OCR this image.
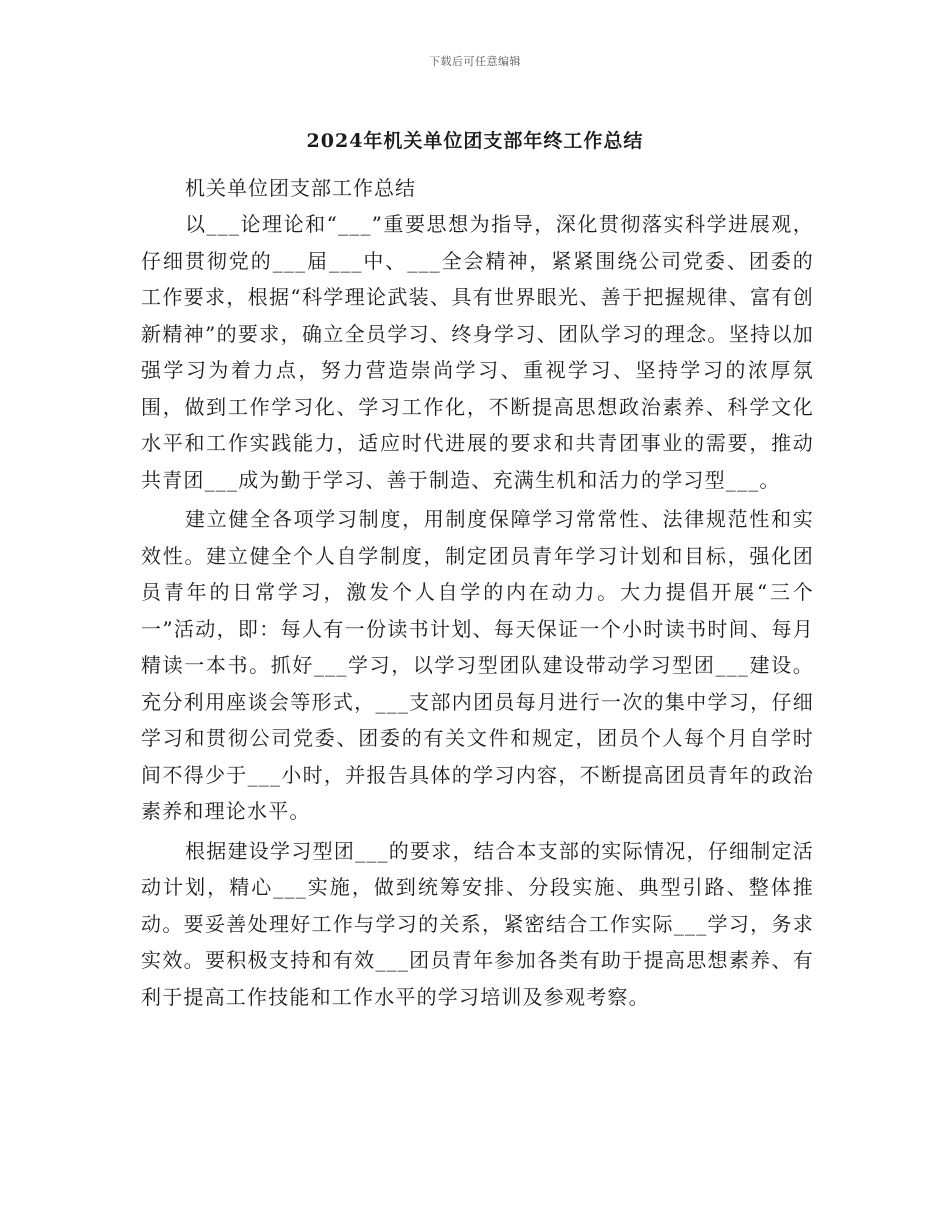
下载后可任意编辑
2024年机关单位团支部年终工作总结

机关单位团支部工作总结

以___论理论和“___”重要思想为指导，深化贯彻落实科学进展观，仔细贯彻党的___届___中、___全会精神，紧紧围绕公司党委、团委的工作要求，根据“科学理论武装、具有世界眼光、善于把握规律、富有创新精神”的要求，确立全员学习、终身学习、团队学习的理念。坚持以加强学习为着力点，努力营造崇尚学习、重视学习、坚持学习的浓厚氛围，做到工作学习化、学习工作化，不断提高思想政治素养、科学文化水平和工作实践能力，适应时代进展的要求和共青团事业的需要，推动共青团___成为勤于学习、善于制造、充满生机和活力的学习型___。

建立健全各项学习制度，用制度保障学习常常性、法律规范性和实效性。建立健全个人自学制度，制定团员青年学习计划和目标，强化团员青年的日常学习，激发个人自学的内在动力。大力提倡开展“三个一”活动，即：每人有一份读书计划、每天保证一个小时读书时间、每月精读一本书。抓好___学习，以学习型团队建设带动学习型团___建设。充分利用座谈会等形式，___支部内团员每月进行一次的集中学习，仔细学习和贯彻公司党委、团委的有关文件和规定，团员个人每个月自学时间不得少于___小时，并报告具体的学习内容，不断提高团员青年的政治素养和理论水平。

根据建设学习型团___的要求，结合本支部的实际情况，仔细制定活动计划，精心___实施，做到统筹安排、分段实施、典型引路、整体推动。要妥善处理好工作与学习的关系，紧密结合工作实际___学习，务求实效。要积极支持和有效___团员青年参加各类有助于提高思想素养、有利于提高工作技能和工作水平的学习培训及参观考察。
